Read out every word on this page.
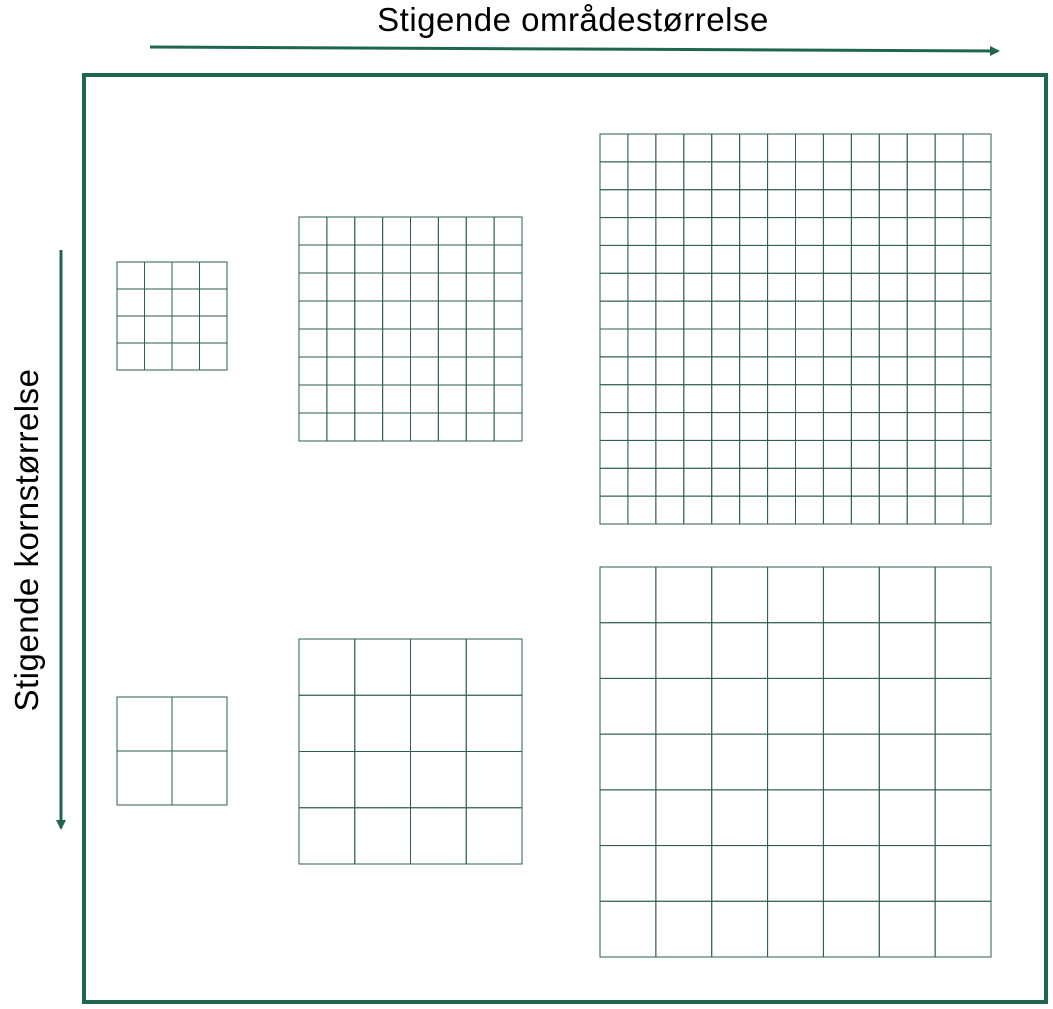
Stigende områdestørrelse
Stigende kornstørrelse
